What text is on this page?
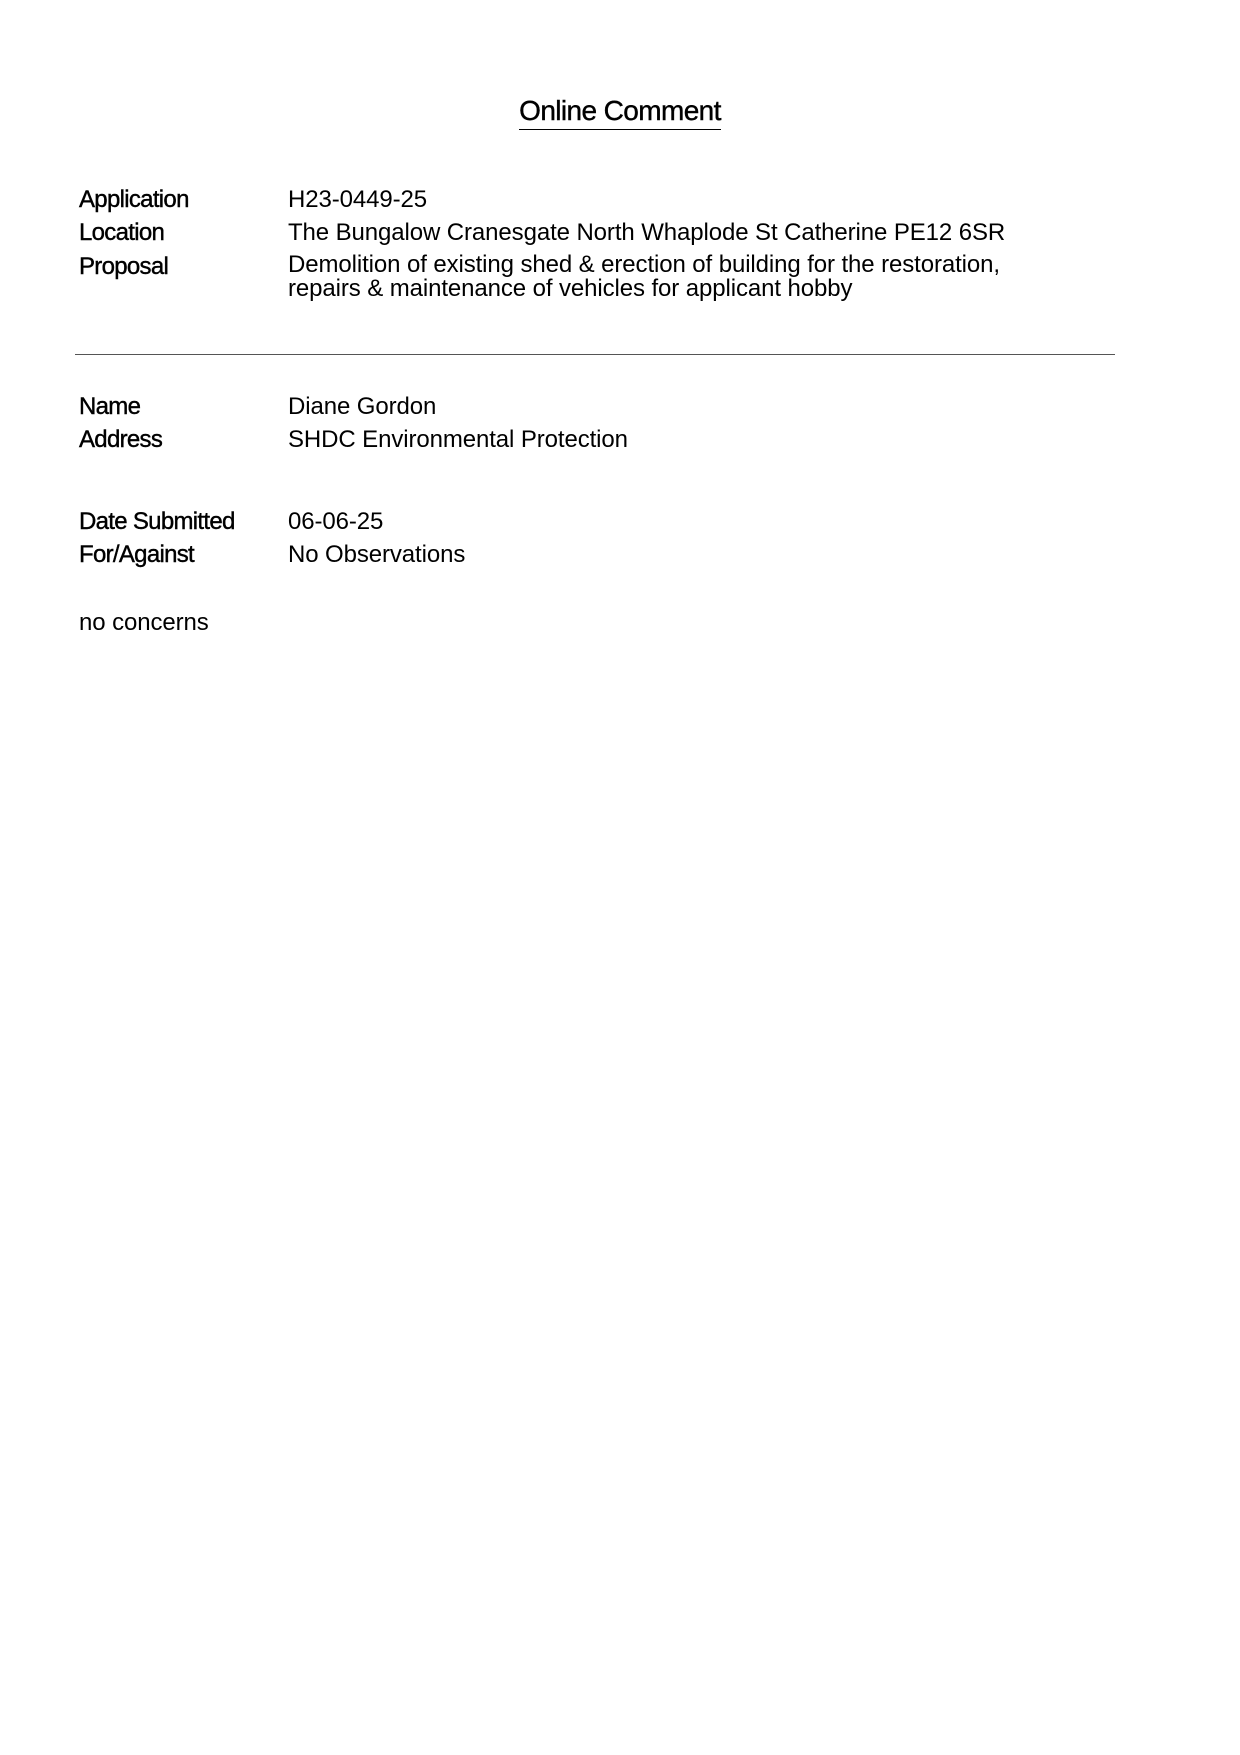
Online Comment
Application	H23-0449-25
Location	The Bungalow Cranesgate North Whaplode St Catherine PE12 6SR
Proposal	Demolition of existing shed & erection of building for the restoration,
repairs & maintenance of vehicles for applicant hobby
Name	Diane Gordon
Address	SHDC Environmental Protection
Date Submitted	06-06-25
For/Against	No Observations
no concerns
